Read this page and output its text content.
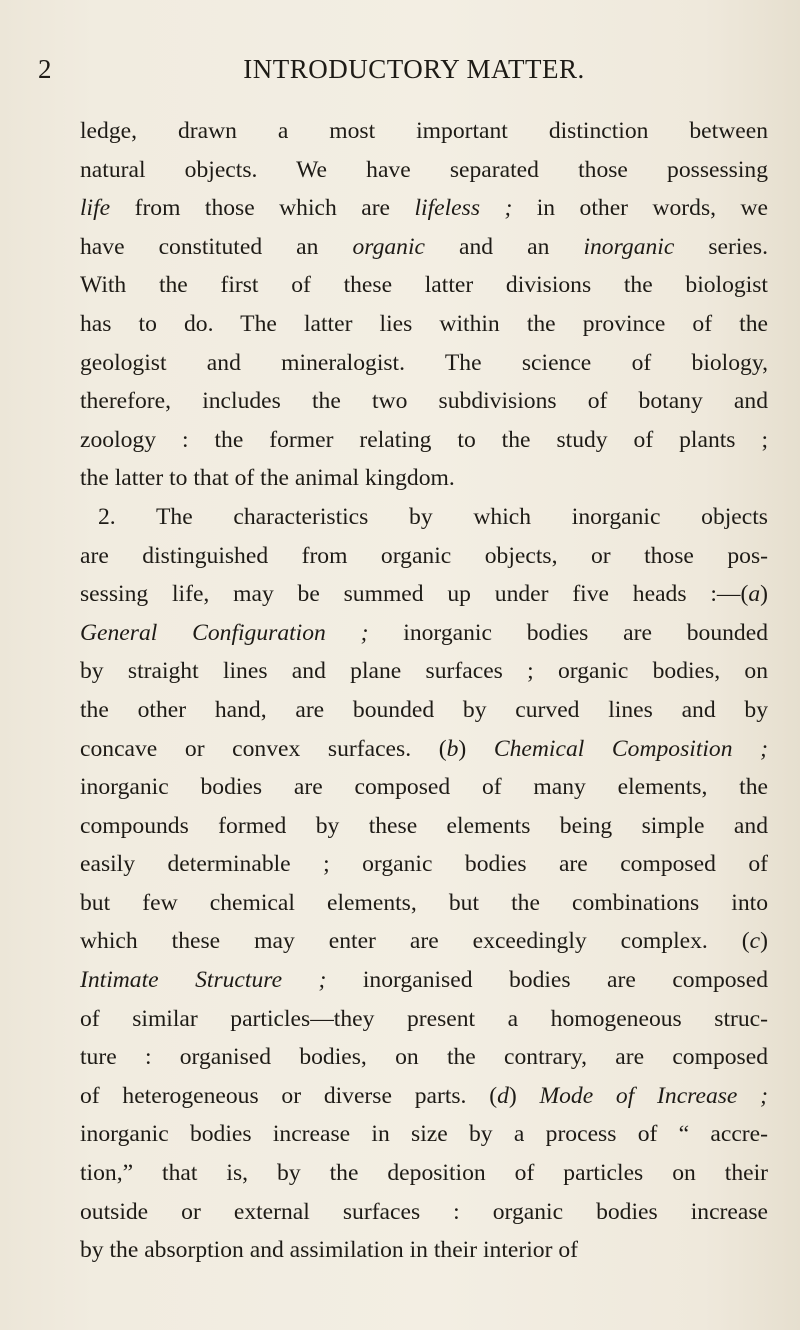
2	INTRODUCTORY MATTER.
ledge, drawn a most important distinction between
natural objects. We have separated those possessing
life from those which are lifeless ; in other words, we
have constituted an organic and an inorganic series.
With the first of these latter divisions the biologist
has to do. The latter lies within the province of the
geologist and mineralogist. The science of biology,
therefore, includes the two subdivisions of botany and
zoology : the former relating to the study of plants ;
the latter to that of the animal kingdom.
2. The characteristics by which inorganic objects
are distinguished from organic objects, or those pos-
sessing life, may be summed up under five heads :—(a)
General Configuration ; inorganic bodies are bounded
by straight lines and plane surfaces ; organic bodies, on
the other hand, are bounded by curved lines and by
concave or convex surfaces. (b) Chemical Composition ;
inorganic bodies are composed of many elements, the
compounds formed by these elements being simple and
easily determinable ; organic bodies are composed of
but few chemical elements, but the combinations into
which these may enter are exceedingly complex. (c)
Intimate Structure ; inorganised bodies are composed
of similar particles—they present a homogeneous struc-
ture : organised bodies, on the contrary, are composed
of heterogeneous or diverse parts. (d) Mode of Increase ;
inorganic bodies increase in size by a process of “ accre-
tion,” that is, by the deposition of particles on their
outside or external surfaces : organic bodies increase
by the absorption and assimilation in their interior of
